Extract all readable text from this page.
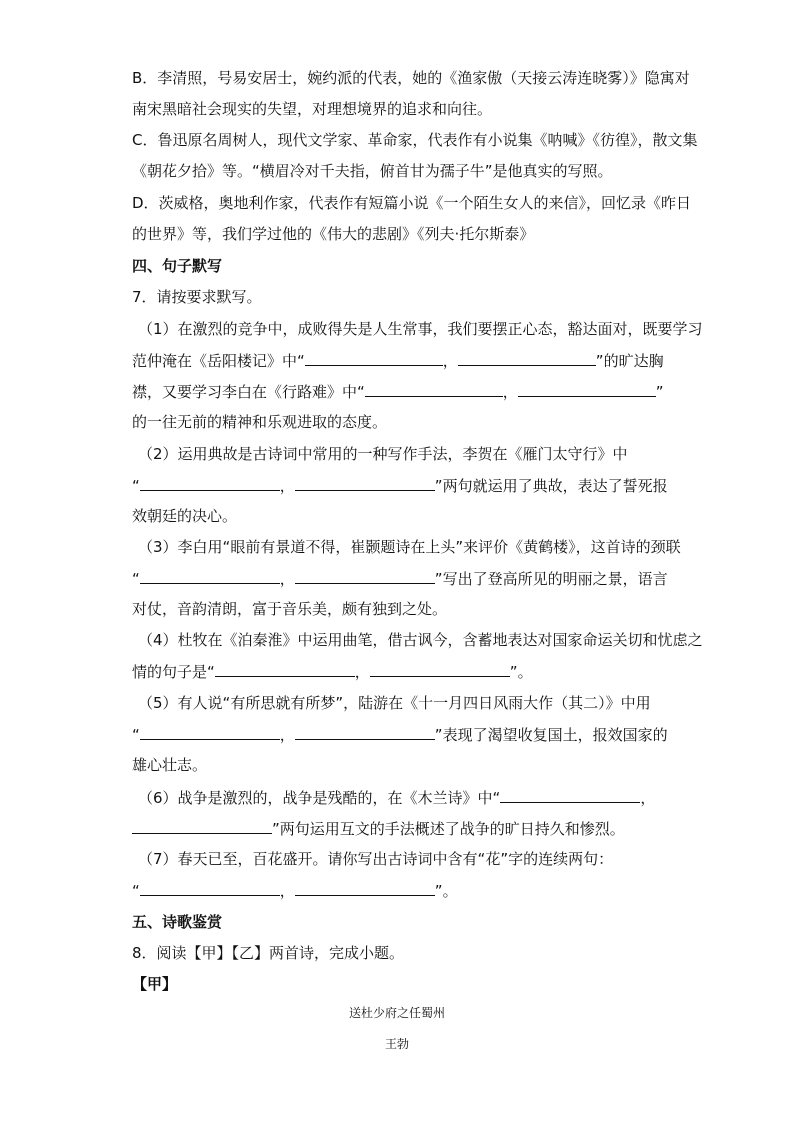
B．李清照，号易安居士，婉约派的代表，她的《渔家傲（天接云涛连晓雾）》隐寓对
南宋黑暗社会现实的失望，对理想境界的追求和向往。
C．鲁迅原名周树人，现代文学家、革命家，代表作有小说集《呐喊》《彷徨》，散文集
《朝花夕拾》等。“横眉冷对千夫指，俯首甘为孺子牛”是他真实的写照。
D．茨威格，奥地利作家，代表作有短篇小说《一个陌生女人的来信》，回忆录《昨日
的世界》等，我们学过他的《伟大的悲剧》《列夫·托尔斯泰》
四、句子默写
7．请按要求默写。
（1）在激烈的竞争中，成败得失是人生常事，我们要摆正心态，豁达面对，既要学习
范仲淹在《岳阳楼记》中“	，	”的旷达胸
襟，又要学习李白在《行路难》中“	，	”
的一往无前的精神和乐观进取的态度。
（2）运用典故是古诗词中常用的一种写作手法，李贺在《雁门太守行》中
“	，	”两句就运用了典故，表达了誓死报
效朝廷的决心。
（3）李白用“眼前有景道不得，崔颢题诗在上头”来评价《黄鹤楼》，这首诗的颈联
“	，	”写出了登高所见的明丽之景，语言
对仗，音韵清朗，富于音乐美，颇有独到之处。
（4）杜牧在《泊秦淮》中运用曲笔，借古讽今，含蓄地表达对国家命运关切和忧虑之
情的句子是“	，	”。
（5）有人说“有所思就有所梦”，陆游在《十一月四日风雨大作（其二）》中用
“	，	”表现了渴望收复国土，报效国家的
雄心壮志。
（6）战争是激烈的，战争是残酷的，在《木兰诗》中“	，
”两句运用互文的手法概述了战争的旷日持久和惨烈。
（7）春天已至，百花盛开。请你写出古诗词中含有“花”字的连续两句：
“	，	”。
五、诗歌鉴赏
8．阅读【甲】【乙】两首诗，完成小题。
【甲】
送杜少府之任蜀州
王勃
